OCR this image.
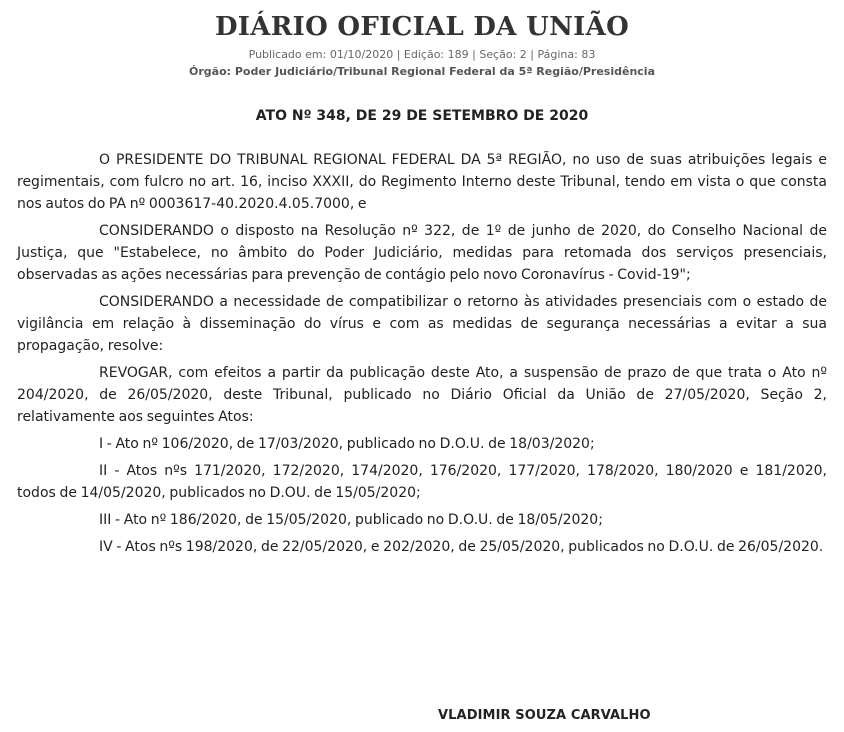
DIÁRIO OFICIAL DA UNIÃO
Publicado em: 01/10/2020 | Edição: 189 | Seção: 2 | Página: 83
Órgão: Poder Judiciário/Tribunal Regional Federal da 5ª Região/Presidência
ATO Nº 348, DE 29 DE SETEMBRO DE 2020

O PRESIDENTE DO TRIBUNAL REGIONAL FEDERAL DA 5ª REGIÃO, no uso de suas atribuições legais e regimentais, com fulcro no art. 16, inciso XXXII, do Regimento Interno deste Tribunal, tendo em vista o que consta nos autos do PA nº 0003617-40.2020.4.05.7000, e

CONSIDERANDO o disposto na Resolução nº 322, de 1º de junho de 2020, do Conselho Nacional de Justiça, que "Estabelece, no âmbito do Poder Judiciário, medidas para retomada dos serviços presenciais, observadas as ações necessárias para prevenção de contágio pelo novo Coronavírus - Covid-19";

CONSIDERANDO a necessidade de compatibilizar o retorno às atividades presenciais com o estado de vigilância em relação à disseminação do vírus e com as medidas de segurança necessárias a evitar a sua propagação, resolve:

REVOGAR, com efeitos a partir da publicação deste Ato, a suspensão de prazo de que trata o Ato nº 204/2020, de 26/05/2020, deste Tribunal, publicado no Diário Oficial da União de 27/05/2020, Seção 2, relativamente aos seguintes Atos:

I - Ato nº 106/2020, de 17/03/2020, publicado no D.O.U. de 18/03/2020;

II - Atos nºs 171/2020, 172/2020, 174/2020, 176/2020, 177/2020, 178/2020, 180/2020 e 181/2020, todos de 14/05/2020, publicados no D.OU. de 15/05/2020;

III - Ato nº 186/2020, de 15/05/2020, publicado no D.O.U. de 18/05/2020;

IV - Atos nºs 198/2020, de 22/05/2020, e 202/2020, de 25/05/2020, publicados no D.O.U. de 26/05/2020.

VLADIMIR SOUZA CARVALHO
